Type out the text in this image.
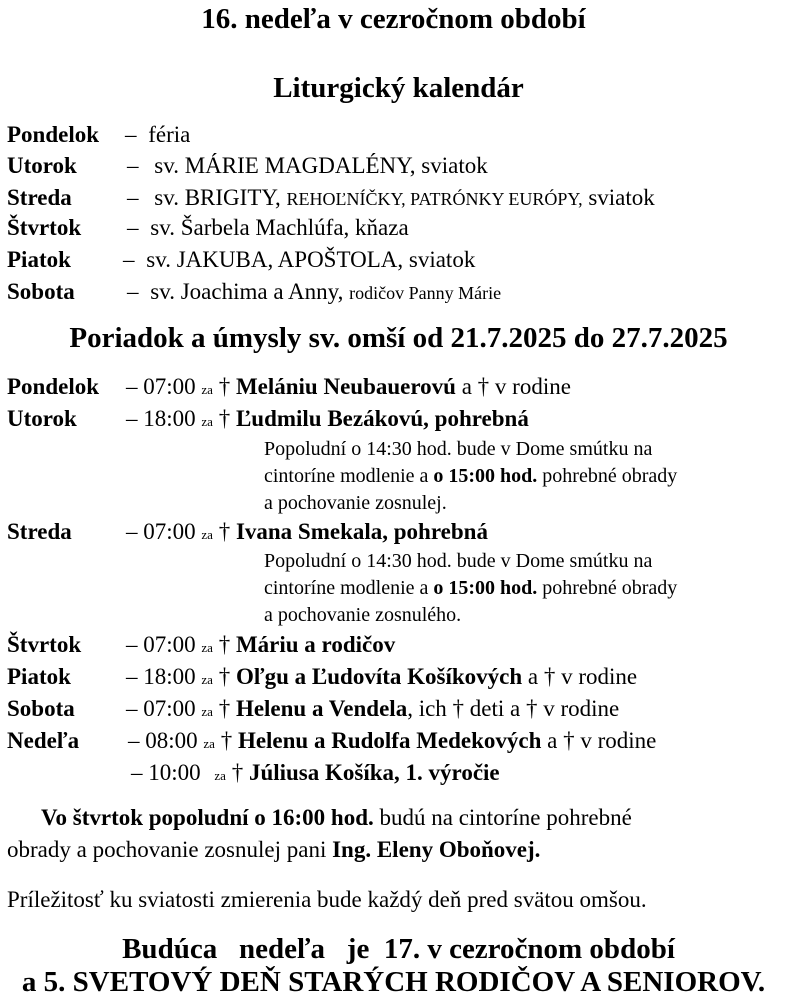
16. nedeľa v cezročnom období
Liturgický kalendár
Pondelok – féria
Utorok – sv. MÁRIE MAGDALÉNY, sviatok
Streda – sv. BRIGITY, REHOĽNÍČKY, PATRÓNKY EURÓPY, sviatok
Štvrtok – sv. Šarbela Machlúfa, kňaza
Piatok – sv. JAKUBA, APOŠTOLA, sviatok
Sobota – sv. Joachima a Anny, rodičov Panny Márie
Poriadok a úmysly sv. omší od 21.7.2025 do 27.7.2025
Pondelok – 07:00 za † Melániu Neubauerovú a † v rodine
Utorok – 18:00 za † Ľudmilu Bezákovú, pohrebná
Popoludní o 14:30 hod. bude v Dome smútku na
cintoríne modlenie a o 15:00 hod. pohrebné obrady
a pochovanie zosnulej.
Streda – 07:00 za † Ivana Smekala, pohrebná
Popoludní o 14:30 hod. bude v Dome smútku na
cintoríne modlenie a o 15:00 hod. pohrebné obrady
a pochovanie zosnulého.
Štvrtok – 07:00 za † Máriu a rodičov
Piatok – 18:00 za † Oľgu a Ľudovíta Košíkových a † v rodine
Sobota – 07:00 za † Helenu a Vendela, ich † deti a † v rodine
Nedeľa – 08:00 za † Helenu a Rudolfa Medekových a † v rodine
– 10:00 za † Júliusa Košíka, 1. výročie
Vo štvrtok popoludní o 16:00 hod. budú na cintoríne pohrebné
obrady a pochovanie zosnulej pani Ing. Eleny Oboňovej.
Príležitosť ku sviatosti zmierenia bude každý deň pred svätou omšou.
Budúca   nedeľa   je  17. v cezročnom období
a 5. SVETOVÝ DEŇ STARÝCH RODIČOV A SENIOROV.
